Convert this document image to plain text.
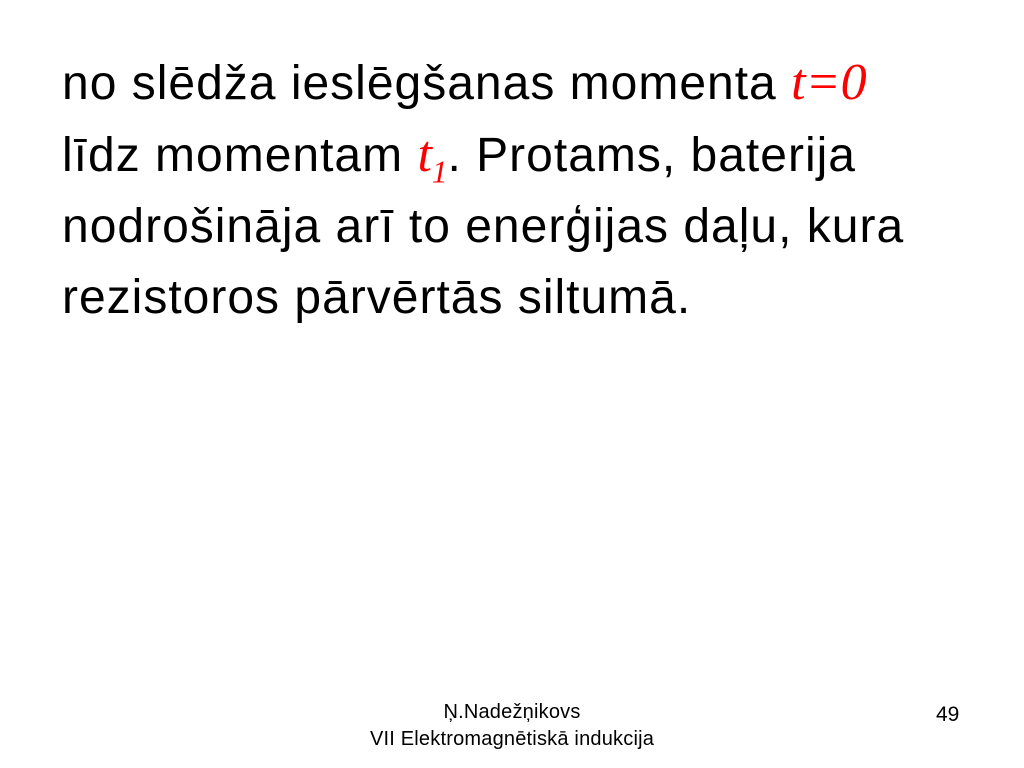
no slēdža ieslēgšanas momenta t=0
līdz momentam $t_1$. Protams, baterija
nodrošināja arī to enerģijas daļu, kura
rezistoros pārvērtās siltumā.
Ņ.Nadežņikovs
VII Elektromagnētiskā indukcija
49
